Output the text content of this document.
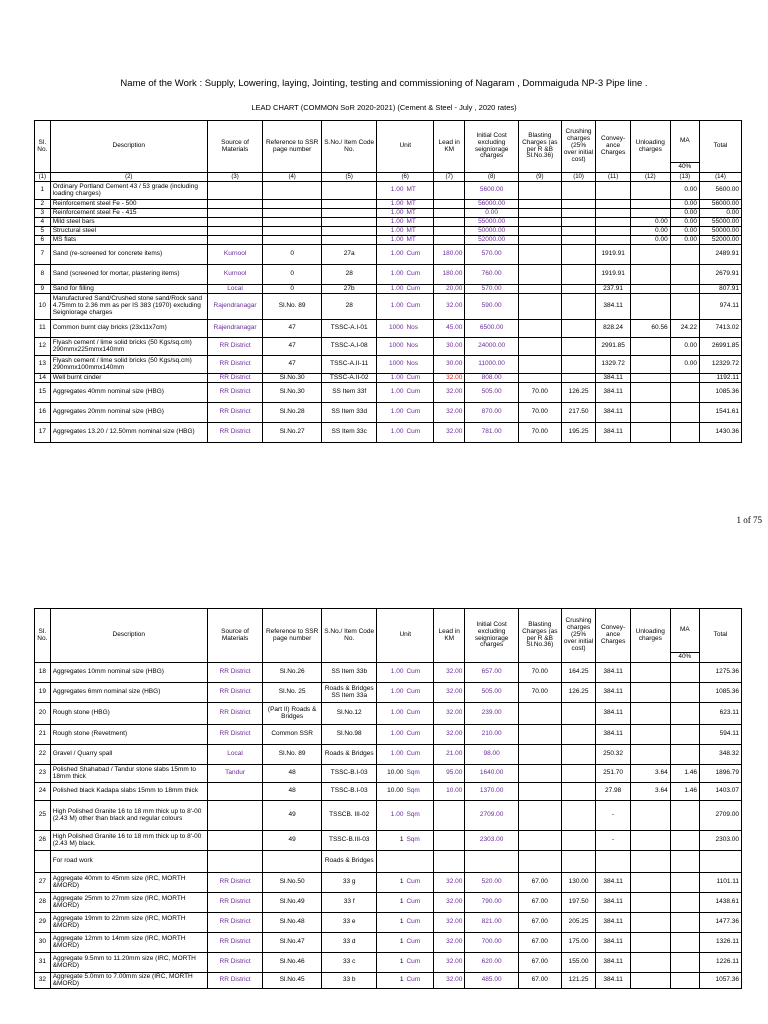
Name of the Work : Supply, Lowering, laying, Jointing, testing and commissioning of Nagaram , Dommaiguda NP-3 Pipe line .
LEAD CHART (COMMON SoR 2020-2021) (Cement & Steel - July , 2020 rates)
Sl. No.	Description	Source of Materials	Reference to SSR page number	S.No./ Item Code No.	Unit	Lead in KM	Initial Cost excluding seigniorage charges	Blasting Charges (as per R &B Sl.No.36)	Crushing charges (25% over initial cost)	Convey- ance Charges	Unloading charges	MA	Total
												40%	
(1)	(2)	(3)	(4)	(5)	(6)	(7)	(8)	(9)	(10)	(11)	(12)	(13)	(14)
1	Ordinary Portland Cement 43 / 53 grade (including loading charges)				1.00 MT		5600.00					0.00	5600.00
2	Reinforcement steel Fe - 500				1.00 MT		56000.00					0.00	56000.00
3	Reinforcement steel Fe - 415				1.00 MT		0.00					0.00	0.00
4	Mild steel bars				1.00 MT		55000.00				0.00	0.00	55000.00
5	Structural steel				1.00 MT		50000.00				0.00	0.00	50000.00
6	MS flats				1.00 MT		52000.00				0.00	0.00	52000.00
7	Sand (re-screened for concrete items)	Kurnool	0	27a	1.00 Cum	180.00	570.00			1919.91			2489.91
8	Sand (screened for mortar, plastering items)	Kurnool	0	28	1.00 Cum	180.00	760.00			1919.91			2679.91
9	Sand for filling	Local	0	27b	1.00 Cum	20.00	570.00			237.91			807.91
10	Manufactured Sand/Crushed stone sand/Rock sand 4.75mm to 2.36 mm as per IS 383 (1970) excluding Seigniorage charges	Rajendranagar	Sl.No. 89	28	1.00 Cum	32.00	590.00			384.11			974.11
11	Common burnt clay bricks (23x11x7cm)	Rajendranagar	47	TSSC-A.I-01	1000 Nos	45.00	6500.00			828.24	60.56	24.22	7413.02
12	Flyash cement / lime solid bricks (50 Kgs/sq.cm) 290mmx225mmx140mm	RR District	47	TSSC-A.I-08	1000 Nos	30.00	24000.00			2991.85		0.00	26991.85
13	Flyash cement / lime solid bricks (50 Kgs/sq.cm) 290mmx100mmx140mm	RR District	47	TSSC-A.II-11	1000 Nos	30.00	11000.00			1329.72		0.00	12329.72
14	Well burnt cinder	RR District	Sl.No.30	TSSC-A.II-02	1.00 Cum	32.00	808.00			384.11			1192.11
15	Aggregates 40mm nominal size (HBG)	RR District	Sl.No.30	SS Item 33f	1.00 Cum	32.00	505.00	70.00	126.25	384.11			1085.36
16	Aggregates 20mm nominal size (HBG)	RR District	Sl.No.28	SS Item 33d	1.00 Cum	32.00	870.00	70.00	217.50	384.11			1541.61
17	Aggregates 13.20 / 12.50mm nominal size (HBG)	RR District	Sl.No.27	SS Item 33c	1.00 Cum	32.00	781.00	70.00	195.25	384.11			1430.36
1 of 75
Sl. No.	Description	Source of Materials	Reference to SSR page number	S.No./ Item Code No.	Unit	Lead in KM	Initial Cost excluding seigniorage charges	Blasting Charges (as per R &B Sl.No.36)	Crushing charges (25% over initial cost)	Convey- ance Charges	Unloading charges	MA	Total
												40%	
18	Aggregates 10mm nominal size (HBG)	RR District	Sl.No.26	SS Item 33b	1.00 Cum	32.00	657.00	70.00	164.25	384.11			1275.36
19	Aggregates 6mm nominal size (HBG)	RR District	Sl.No. 25	Roads & Bridges SS Item 33a	1.00 Cum	32.00	505.00	70.00	126.25	384.11			1085.36
20	Rough stone (HBG)	RR District	(Part II) Roads & Bridges	Sl.No.12	1.00 Cum	32.00	239.00			384.11			623.11
21	Rough stone (Revetment)	RR District	Common SSR	Sl.No.98	1.00 Cum	32.00	210.00			384.11			594.11
22	Gravel / Quarry spall	Local	Sl.No. 89	Roads & Bridges	1.00 Cum	21.00	98.00			250.32			348.32
23	Polished Shahabad / Tandur stone slabs 15mm to 18mm thick	Tandur	48	TSSC-B.I-03	10.00 Sqm	95.00	1640.00			251.70	3.64	1.46	1896.79
24	Polished black Kadapa slabs 15mm to 18mm thick		48	TSSC-B.I-03	10.00 Sqm	10.00	1370.00			27.98	3.64	1.46	1403.07
25	High Polished Granite 16 to 18 mm thick up to 8'-00 (2.43 M) other than black and regular colours		49	TSSCB. III-02	1.00 Sqm		2709.00			-			2709.00
26	High Polished Granite 16 to 18 mm thick up to 8'-00 (2.43 M) black.		49	TSSC-B.III-03	1 Sqm		2303.00			-			2303.00
	For road work			Roads & Bridges									
27	Aggregate 40mm to 45mm size (IRC, MORTH &MORD)	RR District	Sl.No.50	33 g	1 Cum	32.00	520.00	67.00	130.00	384.11			1101.11
28	Aggregate 25mm to 27mm size (IRC, MORTH &MORD)	RR District	Sl.No.49	33 f	1 Cum	32.00	790.00	67.00	197.50	384.11			1438.61
29	Aggregate 19mm to 22mm size (IRC, MORTH &MORD)	RR District	Sl.No.48	33 e	1 Cum	32.00	821.00	67.00	205.25	384.11			1477.36
30	Aggregate 12mm to 14mm size (IRC, MORTH &MORD)	RR District	Sl.No.47	33 d	1 Cum	32.00	700.00	67.00	175.00	384.11			1326.11
31	Aggregate 9.5mm to 11.20mm size (IRC, MORTH &MORD)	RR District	Sl.No.46	33 c	1 Cum	32.00	620.00	67.00	155.00	384.11			1226.11
32	Aggregate 5.0mm to 7.00mm size (IRC, MORTH &MORD)	RR District	Sl.No.45	33 b	1 Cum	32.00	485.00	67.00	121.25	384.11			1057.36
